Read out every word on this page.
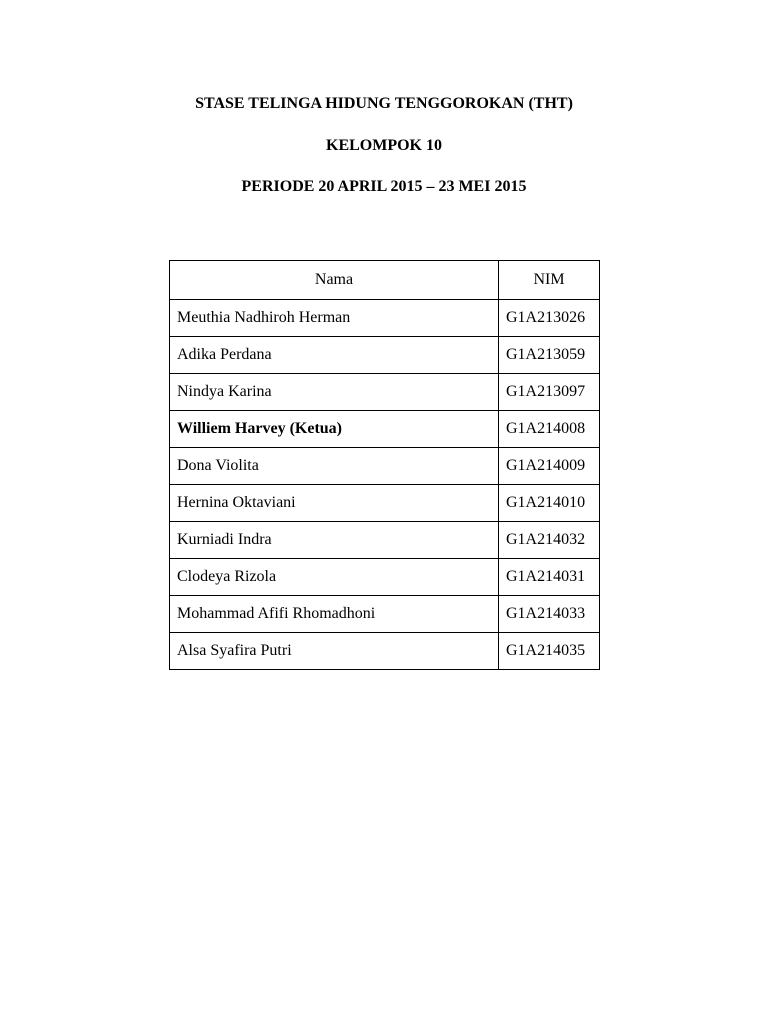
STASE TELINGA HIDUNG TENGGOROKAN (THT)
KELOMPOK 10
PERIODE 20 APRIL 2015 – 23 MEI 2015
Nama	NIM
Meuthia Nadhiroh Herman	G1A213026
Adika Perdana	G1A213059
Nindya Karina	G1A213097
Williem Harvey (Ketua)	G1A214008
Dona Violita	G1A214009
Hernina Oktaviani	G1A214010
Kurniadi Indra	G1A214032
Clodeya Rizola	G1A214031
Mohammad Afifi Rhomadhoni	G1A214033
Alsa Syafira Putri	G1A214035
